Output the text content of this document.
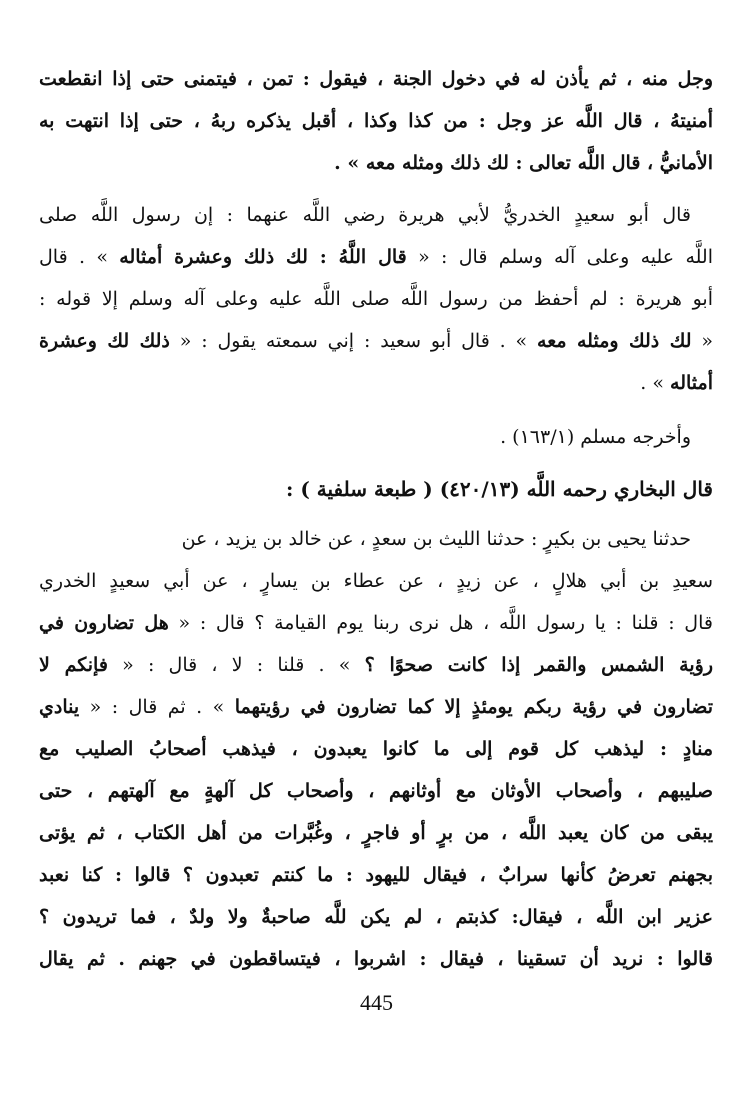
وجل منه ، ثم يأذن له في دخول الجنة ، فيقول : تمن ، فيتمنى حتى إذا انقطعت
أمنيتهُ ، قال اللَّه عز وجل : من كذا وكذا ، أقبل يذكره ربهُ ، حتى إذا انتهت به
الأمانيُّ ، قال اللَّه تعالى : لك ذلك ومثله معه » .
قال أبو سعيدٍ الخدريُّ لأبي هريرة رضي اللَّه عنهما : إن رسول اللَّه صلى
اللَّه عليه وعلى آله وسلم قال : « قال اللَّهُ : لك ذلك وعشرة أمثاله » . قال
أبو هريرة : لم أحفظ من رسول اللَّه صلى اللَّه عليه وعلى آله وسلم إلا قوله :
« لك ذلك ومثله معه » . قال أبو سعيد : إني سمعته يقول : « ذلك لك وعشرة
أمثاله » .
وأخرجه مسلم (١٦٣/١) .
قال البخاري رحمه اللَّه (٤٢٠/١٣) ( طبعة سلفية ) :
حدثنا يحيى بن بكيرٍ : حدثنا الليث بن سعدٍ ، عن خالد بن يزيد ، عن
سعيدِ بن أبي هلالٍ ، عن زيدٍ ، عن عطاء بن يسارٍ ، عن أبي سعيدٍ الخدري
قال : قلنا : يا رسول اللَّه ، هل نرى ربنا يوم القيامة ؟ قال : « هل تضارون في
رؤية الشمس والقمر إذا كانت صحوًا ؟ » . قلنا : لا ، قال : « فإنكم لا
تضارون في رؤية ربكم يومئذٍ إلا كما تضارون في رؤيتهما » . ثم قال : « ينادي
منادٍ : ليذهب كل قوم إلى ما كانوا يعبدون ، فيذهب أصحابُ الصليب مع
صليبهم ، وأصحاب الأوثان مع أوثانهم ، وأصحاب كل آلهةٍ مع آلهتهم ، حتى
يبقى من كان يعبد اللَّه ، من برٍ أو فاجرٍ ، وغُبَّرات من أهل الكتاب ، ثم يؤتى
بجهنم تعرضُ كأنها سرابٌ ، فيقال لليهود : ما كنتم تعبدون ؟ قالوا : كنا نعبد
عزير ابن اللَّه ، فيقال: كذبتم ، لم يكن للَّه صاحبةٌ ولا ولدٌ ، فما تريدون ؟
قالوا : نريد أن تسقينا ، فيقال : اشربوا ، فيتساقطون في جهنم . ثم يقال
445
